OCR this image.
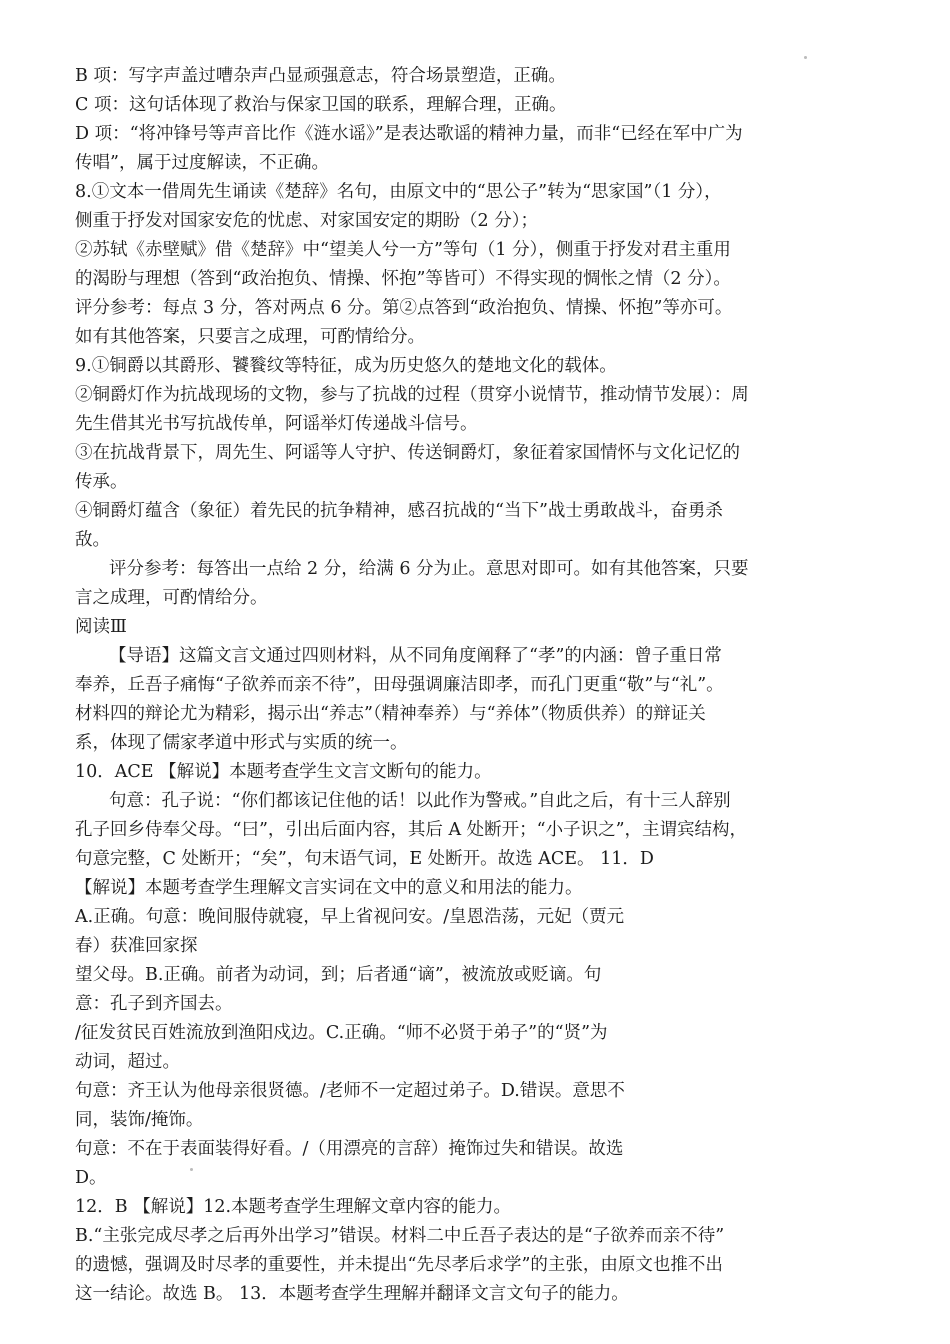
B 项：写字声盖过嘈杂声凸显顽强意志，符合场景塑造，正确。
C 项：这句话体现了救治与保家卫国的联系，理解合理，正确。
D 项：“将冲锋号等声音比作《涟水谣》”是表达歌谣的精神力量，而非“已经在军中广为
传唱”，属于过度解读，不正确。
8.①文本一借周先生诵读《楚辞》名句，由原文中的“思公子”转为“思家国”（1 分），
侧重于抒发对国家安危的忧虑、对家国安定的期盼（2 分）；
②苏轼《赤壁赋》借《楚辞》中“望美人兮一方”等句（1 分），侧重于抒发对君主重用
的渴盼与理想（答到“政治抱负、情操、怀抱”等皆可）不得实现的惆怅之情（2 分）。
评分参考：每点 3 分，答对两点 6 分。第②点答到“政治抱负、情操、怀抱”等亦可。
如有其他答案，只要言之成理，可酌情给分。
9.①铜爵以其爵形、饕餮纹等特征，成为历史悠久的楚地文化的载体。
②铜爵灯作为抗战现场的文物，参与了抗战的过程（贯穿小说情节，推动情节发展）：周
先生借其光书写抗战传单，阿谣举灯传递战斗信号。
③在抗战背景下，周先生、阿谣等人守护、传送铜爵灯，象征着家国情怀与文化记忆的
传承。
④铜爵灯蕴含（象征）着先民的抗争精神，感召抗战的“当下”战士勇敢战斗，奋勇杀
敌。
评分参考：每答出一点给 2 分，给满 6 分为止。意思对即可。如有其他答案，只要
言之成理，可酌情给分。
阅读Ⅲ
【导语】这篇文言文通过四则材料，从不同角度阐释了“孝”的内涵：曾子重日常
奉养，丘吾子痛悔“子欲养而亲不待”，田母强调廉洁即孝，而孔门更重“敬”与“礼”。
材料四的辩论尤为精彩，揭示出“养志”（精神奉养）与“养体”（物质供养）的辩证关
系，体现了儒家孝道中形式与实质的统一。
10．ACE 【解说】本题考查学生文言文断句的能力。
句意：孔子说：“你们都该记住他的话！以此作为警戒。”自此之后，有十三人辞别
孔子回乡侍奉父母。“曰”，引出后面内容，其后 A 处断开；“小子识之”，主谓宾结构，
句意完整，C 处断开；“矣”，句末语气词，E 处断开。故选 ACE。 11．D
【解说】本题考查学生理解文言实词在文中的意义和用法的能力。
A.正确。句意：晚间服侍就寝，早上省视问安。/皇恩浩荡，元妃（贾元
春）获准回家探
望父母。B.正确。前者为动词，到；后者通“谪”，被流放或贬谪。句
意：孔子到齐国去。
/征发贫民百姓流放到渔阳戍边。C.正确。“师不必贤于弟子”的“贤”为
动词，超过。
句意：齐王认为他母亲很贤德。/老师不一定超过弟子。D.错误。意思不
同，装饰/掩饰。
句意：不在于表面装得好看。/（用漂亮的言辞）掩饰过失和错误。故选
D。
12．B 【解说】12.本题考查学生理解文章内容的能力。
B.“主张完成尽孝之后再外出学习”错误。材料二中丘吾子表达的是“子欲养而亲不待”
的遗憾，强调及时尽孝的重要性，并未提出“先尽孝后求学”的主张，由原文也推不出
这一结论。故选 B。 13．本题考查学生理解并翻译文言文句子的能力。
